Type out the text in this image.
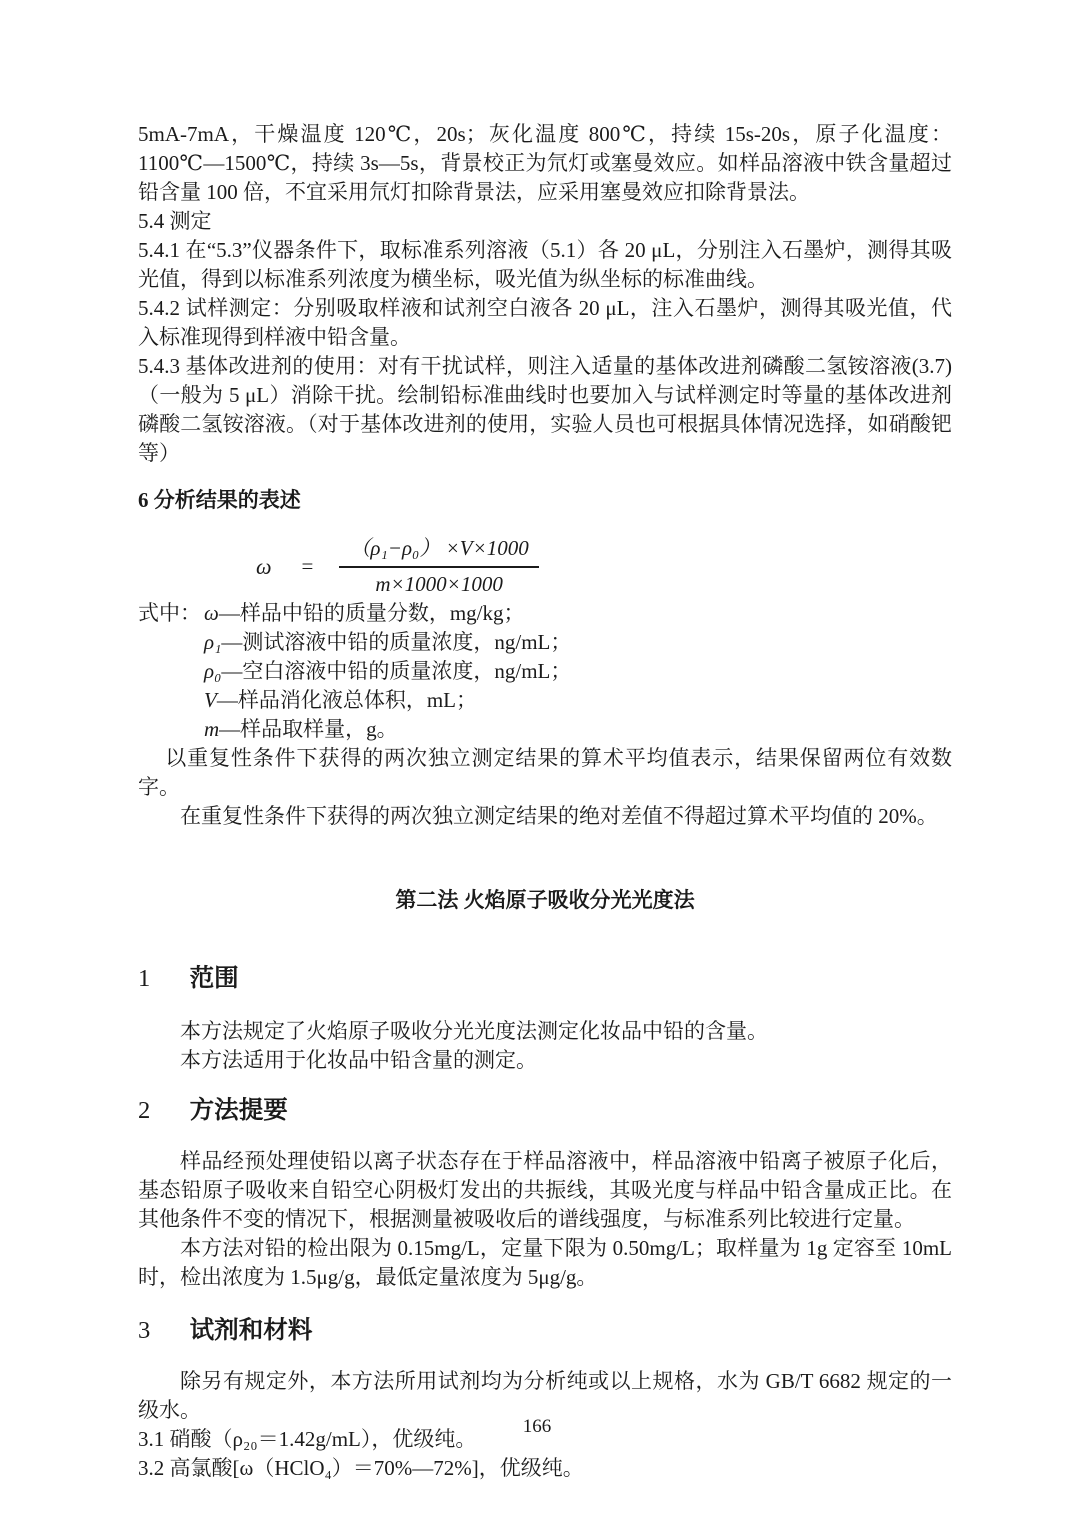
5mA-7mA，干燥温度 120℃，20s；灰化温度 800℃，持续 15s-20s，原子化温度：1100℃—1500℃，持续 3s—5s，背景校正为氘灯或塞曼效应。如样品溶液中铁含量超过铅含量 100 倍，不宜采用氘灯扣除背景法，应采用塞曼效应扣除背景法。

5.4 测定

5.4.1 在“5.3”仪器条件下，取标准系列溶液（5.1）各 20 μL，分别注入石墨炉，测得其吸光值，得到以标准系列浓度为横坐标，吸光值为纵坐标的标准曲线。

5.4.2 试样测定：分别吸取样液和试剂空白液各 20 μL，注入石墨炉，测得其吸光值，代入标准现得到样液中铅含量。

5.4.3 基体改进剂的使用：对有干扰试样，则注入适量的基体改进剂磷酸二氢铵溶液(3.7)（一般为 5 μL）消除干扰。绘制铅标准曲线时也要加入与试样测定时等量的基体改进剂磷酸二氢铵溶液。（对于基体改进剂的使用，实验人员也可根据具体情况选择，如硝酸钯等）

6 分析结果的表述
$\omega = \frac{\text{（ρ₁−ρ₀） ×V×1000}}{m\times 1000\times 1000}$
式中： ω—样品中铅的质量分数，mg/kg；
ρ₁—测试溶液中铅的质量浓度，ng/mL；
ρ₀—空白溶液中铅的质量浓度，ng/mL；
V—样品消化液总体积，mL；
m—样品取样量，g。

以重复性条件下获得的两次独立测定结果的算术平均值表示，结果保留两位有效数字。

在重复性条件下获得的两次独立测定结果的绝对差值不得超过算术平均值的 20%。

第二法 火焰原子吸收分光光度法
1 范围

本方法规定了火焰原子吸收分光光度法测定化妆品中铅的含量。

本方法适用于化妆品中铅含量的测定。

2 方法提要

样品经预处理使铅以离子状态存在于样品溶液中，样品溶液中铅离子被原子化后，基态铅原子吸收来自铅空心阴极灯发出的共振线，其吸光度与样品中铅含量成正比。在其他条件不变的情况下，根据测量被吸收后的谱线强度，与标准系列比较进行定量。

本方法对铅的检出限为 0.15mg/L，定量下限为 0.50mg/L；取样量为 1g 定容至 10mL 时，检出浓度为 1.5μg/g，最低定量浓度为 5μg/g。

3 试剂和材料

除另有规定外，本方法所用试剂均为分析纯或以上规格，水为 GB/T 6682 规定的一级水。

3.1 硝酸（ρ₂₀＝1.42g/mL），优级纯。

3.2 高氯酸[ω（HClO₄）＝70%—72%]，优级纯。

166
